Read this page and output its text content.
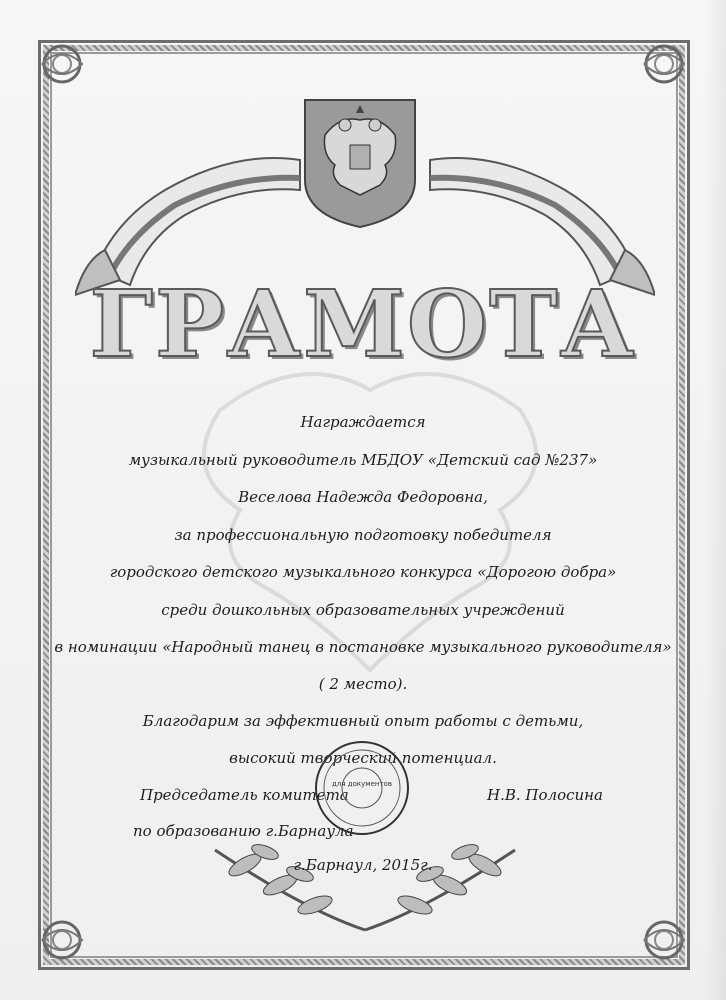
ГРАМОТА
Награждается
музыкальный руководитель МБДОУ «Детский сад №237»
Веселова Надежда Федоровна,
за профессиональную подготовку победителя
городского детского музыкального конкурса «Дорогою добра»
среди дошкольных образовательных учреждений
в номинации «Народный танец в постановке музыкального руководителя»
( 2 место).
Благодарим за эффективный опыт работы с детьми,
высокий творческий потенциал.
Председатель комитета
по образованию г.Барнаула
Н.В. Полосина
для документов
г.Барнаул, 2015г.
